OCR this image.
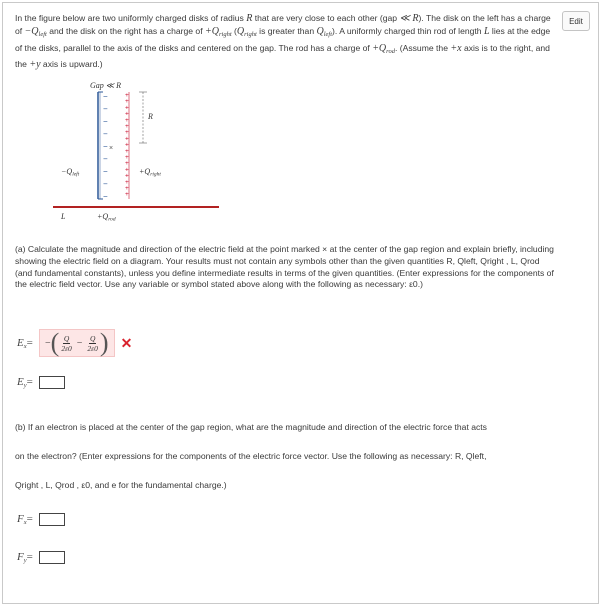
Edit
In the figure below are two uniformly charged disks of radius R that are very close to each other (gap ≪ R). The disk on the left has a charge of $-Q_{left}$ and the disk on the right has a charge of $+Q_{right}$ ($Q_{right}$ is greater than $Q_{left}$). A uniformly charged thin rod of length L lies at the edge of the disks, parallel to the axis of the disks and centered on the gap. The rod has a charge of $+Q_{rod}$. (Assume the +x axis is to the right, and the +y axis is upward.)
Gap ≪ R
−
−
−
−
−
−
−
−
−
+
+
+
+
+
+
+
+
+
+
+
+
+
+
+
+
+
R
×
−Qleft	+Qright
L	+Qrod
(a) Calculate the magnitude and direction of the electric field at the point marked × at the center of the gap region and explain briefly, including showing the electric field on a diagram. Your results must not contain any symbols other than the given quantities R, Qleft, Qright , L, Qrod (and fundamental constants), unless you define intermediate results in terms of the given quantities. (Enter expressions for the components of the electric field vector. Use any variable or symbol stated above along with the following as necessary: ε0.)
$E_x=$	− ( $\frac{Q}{2\varepsilon 0} - \frac{Q}{2\varepsilon 0}$ ) ✕
$E_y=$
(b) If an electron is placed at the center of the gap region, what are the magnitude and direction of the electric force that acts
on the electron? (Enter expressions for the components of the electric force vector. Use the following as necessary: R, Qleft,
Qright , L, Qrod , ε0, and e for the fundamental charge.)
$F_x=$
$F_y=$
